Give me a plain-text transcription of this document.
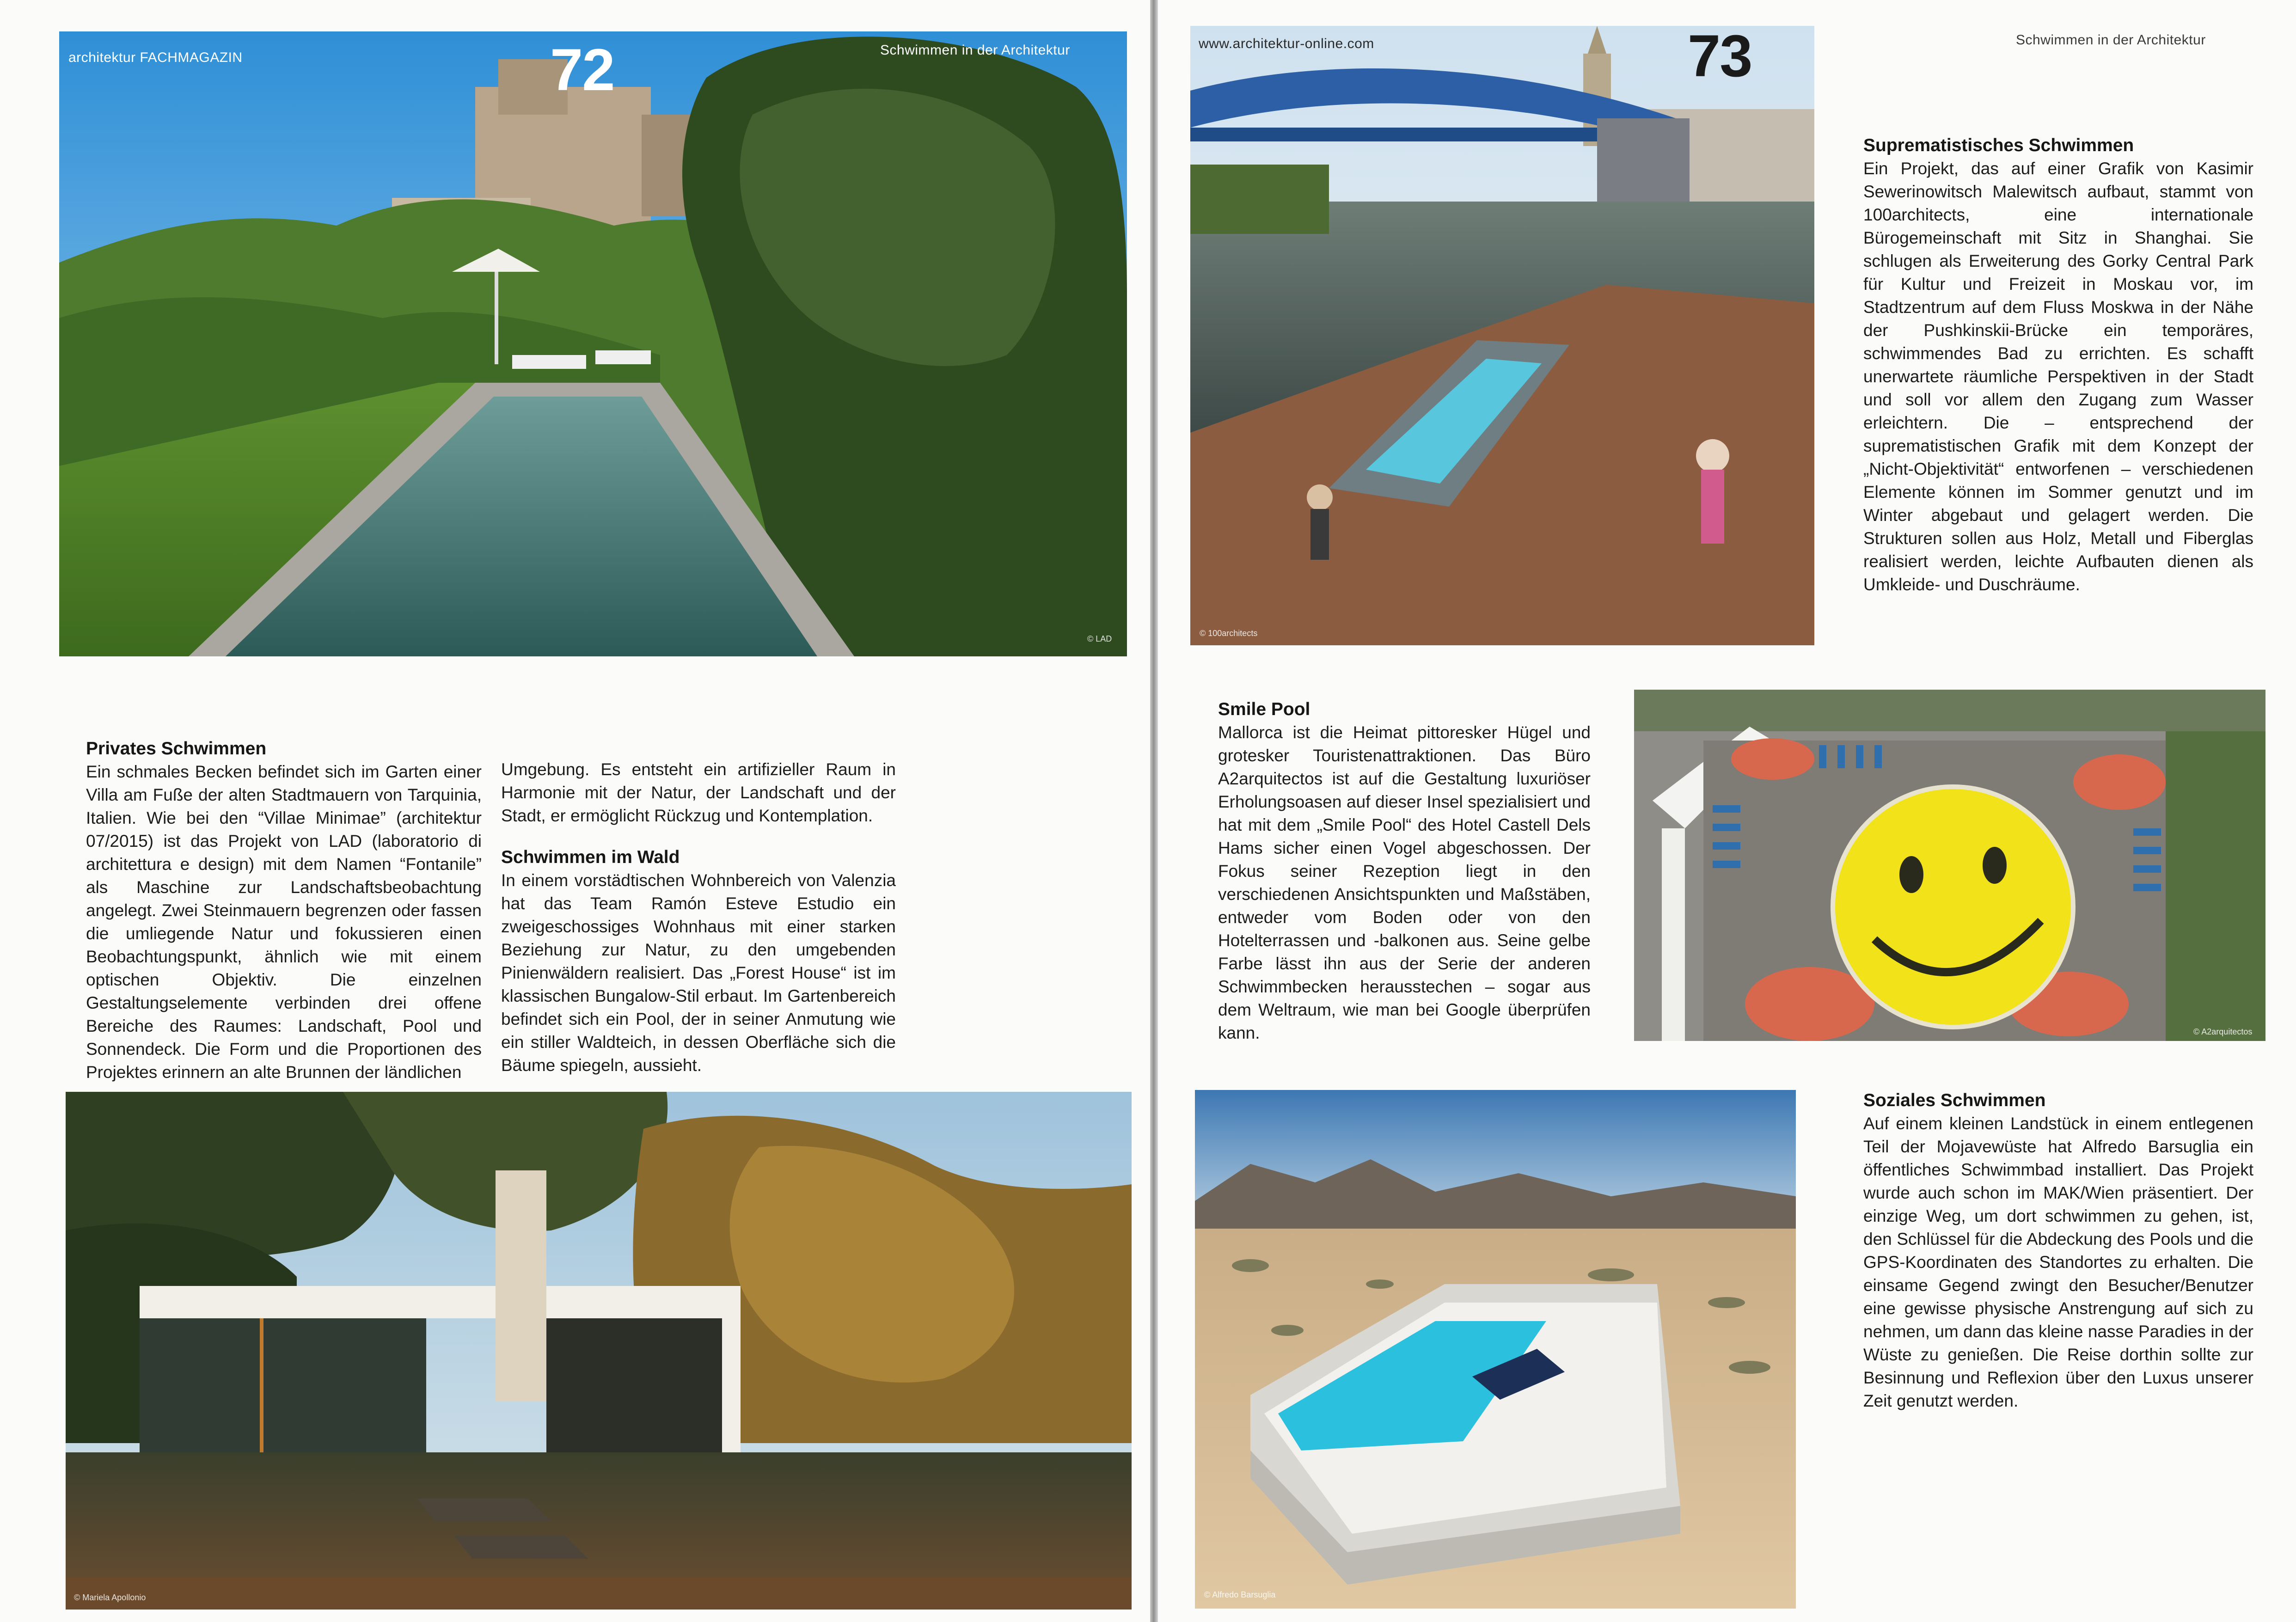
architektur FACHMAGAZIN	72	Schwimmen in der Architektur
© LAD
Privates Schwimmen

Ein schmales Becken befindet sich im Garten einer Villa am Fuße der alten Stadtmauern von Tarquinia, Italien. Wie bei den “Villae Minimae” (architektur 07/2015) ist das Projekt von LAD (laboratorio di architettura e design) mit dem Namen “Fontanile” als Maschine zur Landschaftsbeobachtung angelegt. Zwei Steinmauern begrenzen oder fassen die umliegende Natur und fokussieren einen Beobachtungspunkt, ähnlich wie mit einem optischen Objektiv. Die einzelnen Gestaltungselemente verbinden drei offene Bereiche des Raumes: Landschaft, Pool und Sonnendeck. Die Form und die Proportionen des Projektes erinnern an alte Brunnen der ländlichen

Umgebung. Es entsteht ein artifizieller Raum in Harmonie mit der Natur, der Landschaft und der Stadt, er ermöglicht Rückzug und Kontemplation.

Schwimmen im Wald

In einem vorstädtischen Wohnbereich von Valenzia hat das Team Ramón Esteve Estudio ein zweigeschossiges Wohnhaus mit einer starken Beziehung zur Natur, zu den umgebenden Pinienwäldern realisiert. Das „Forest House“ ist im klassischen Bungalow-Stil erbaut. Im Gartenbereich befindet sich ein Pool, der in seiner Anmutung wie ein stiller Waldteich, in dessen Oberfläche sich die Bäume spiegeln, aussieht.

© Mariela Apollonio
www.architektur-online.com	73	Schwimmen in der Architektur
© 100architects
Suprematistisches Schwimmen

Ein Projekt, das auf einer Grafik von Kasimir Sewerinowitsch Malewitsch aufbaut, stammt von 100architects, eine internationale Bürogemeinschaft mit Sitz in Shanghai. Sie schlugen als Erweiterung des Gorky Central Park für Kultur und Freizeit in Moskau vor, im Stadtzentrum auf dem Fluss Moskwa in der Nähe der Pushkinskii-Brücke ein temporäres, schwimmendes Bad zu errichten. Es schafft unerwartete räumliche Perspektiven in der Stadt und soll vor allem den Zugang zum Wasser erleichtern. Die – entsprechend der suprematistischen Grafik mit dem Konzept der „Nicht-Objektivität“ entworfenen – verschiedenen Elemente können im Sommer genutzt und im Winter abgebaut und gelagert werden. Die Strukturen sollen aus Holz, Metall und Fiberglas realisiert werden, leichte Aufbauten dienen als Umkleide- und Duschräume.

Smile Pool

Mallorca ist die Heimat pittoresker Hügel und grotesker Touristenattraktionen. Das Büro A2arquitectos ist auf die Gestaltung luxuriöser Erholungsoasen auf dieser Insel spezialisiert und hat mit dem „Smile Pool“ des Hotel Castell Dels Hams sicher einen Vogel abgeschossen. Der Fokus seiner Rezeption liegt in den verschiedenen Ansichtspunkten und Maßstäben, entweder vom Boden oder von den Hotelterrassen und -balkonen aus. Seine gelbe Farbe lässt ihn aus der Serie der anderen Schwimmbecken herausstechen – sogar aus dem Weltraum, wie man bei Google überprüfen kann.	© A2arquitectos
© Alfredo Barsuglia
Soziales Schwimmen

Auf einem kleinen Landstück in einem entlegenen Teil der Mojavewüste hat Alfredo Barsuglia ein öffentliches Schwimmbad installiert. Das Projekt wurde auch schon im MAK/Wien präsentiert. Der einzige Weg, um dort schwimmen zu gehen, ist, den Schlüssel für die Abdeckung des Pools und die GPS-Koordinaten des Standortes zu erhalten. Die einsame Gegend zwingt den Besucher/Benutzer eine gewisse physische Anstrengung auf sich zu nehmen, um dann das kleine nasse Paradies in der Wüste zu genießen. Die Reise dorthin sollte zur Besinnung und Reflexion über den Luxus unserer Zeit genutzt werden.
